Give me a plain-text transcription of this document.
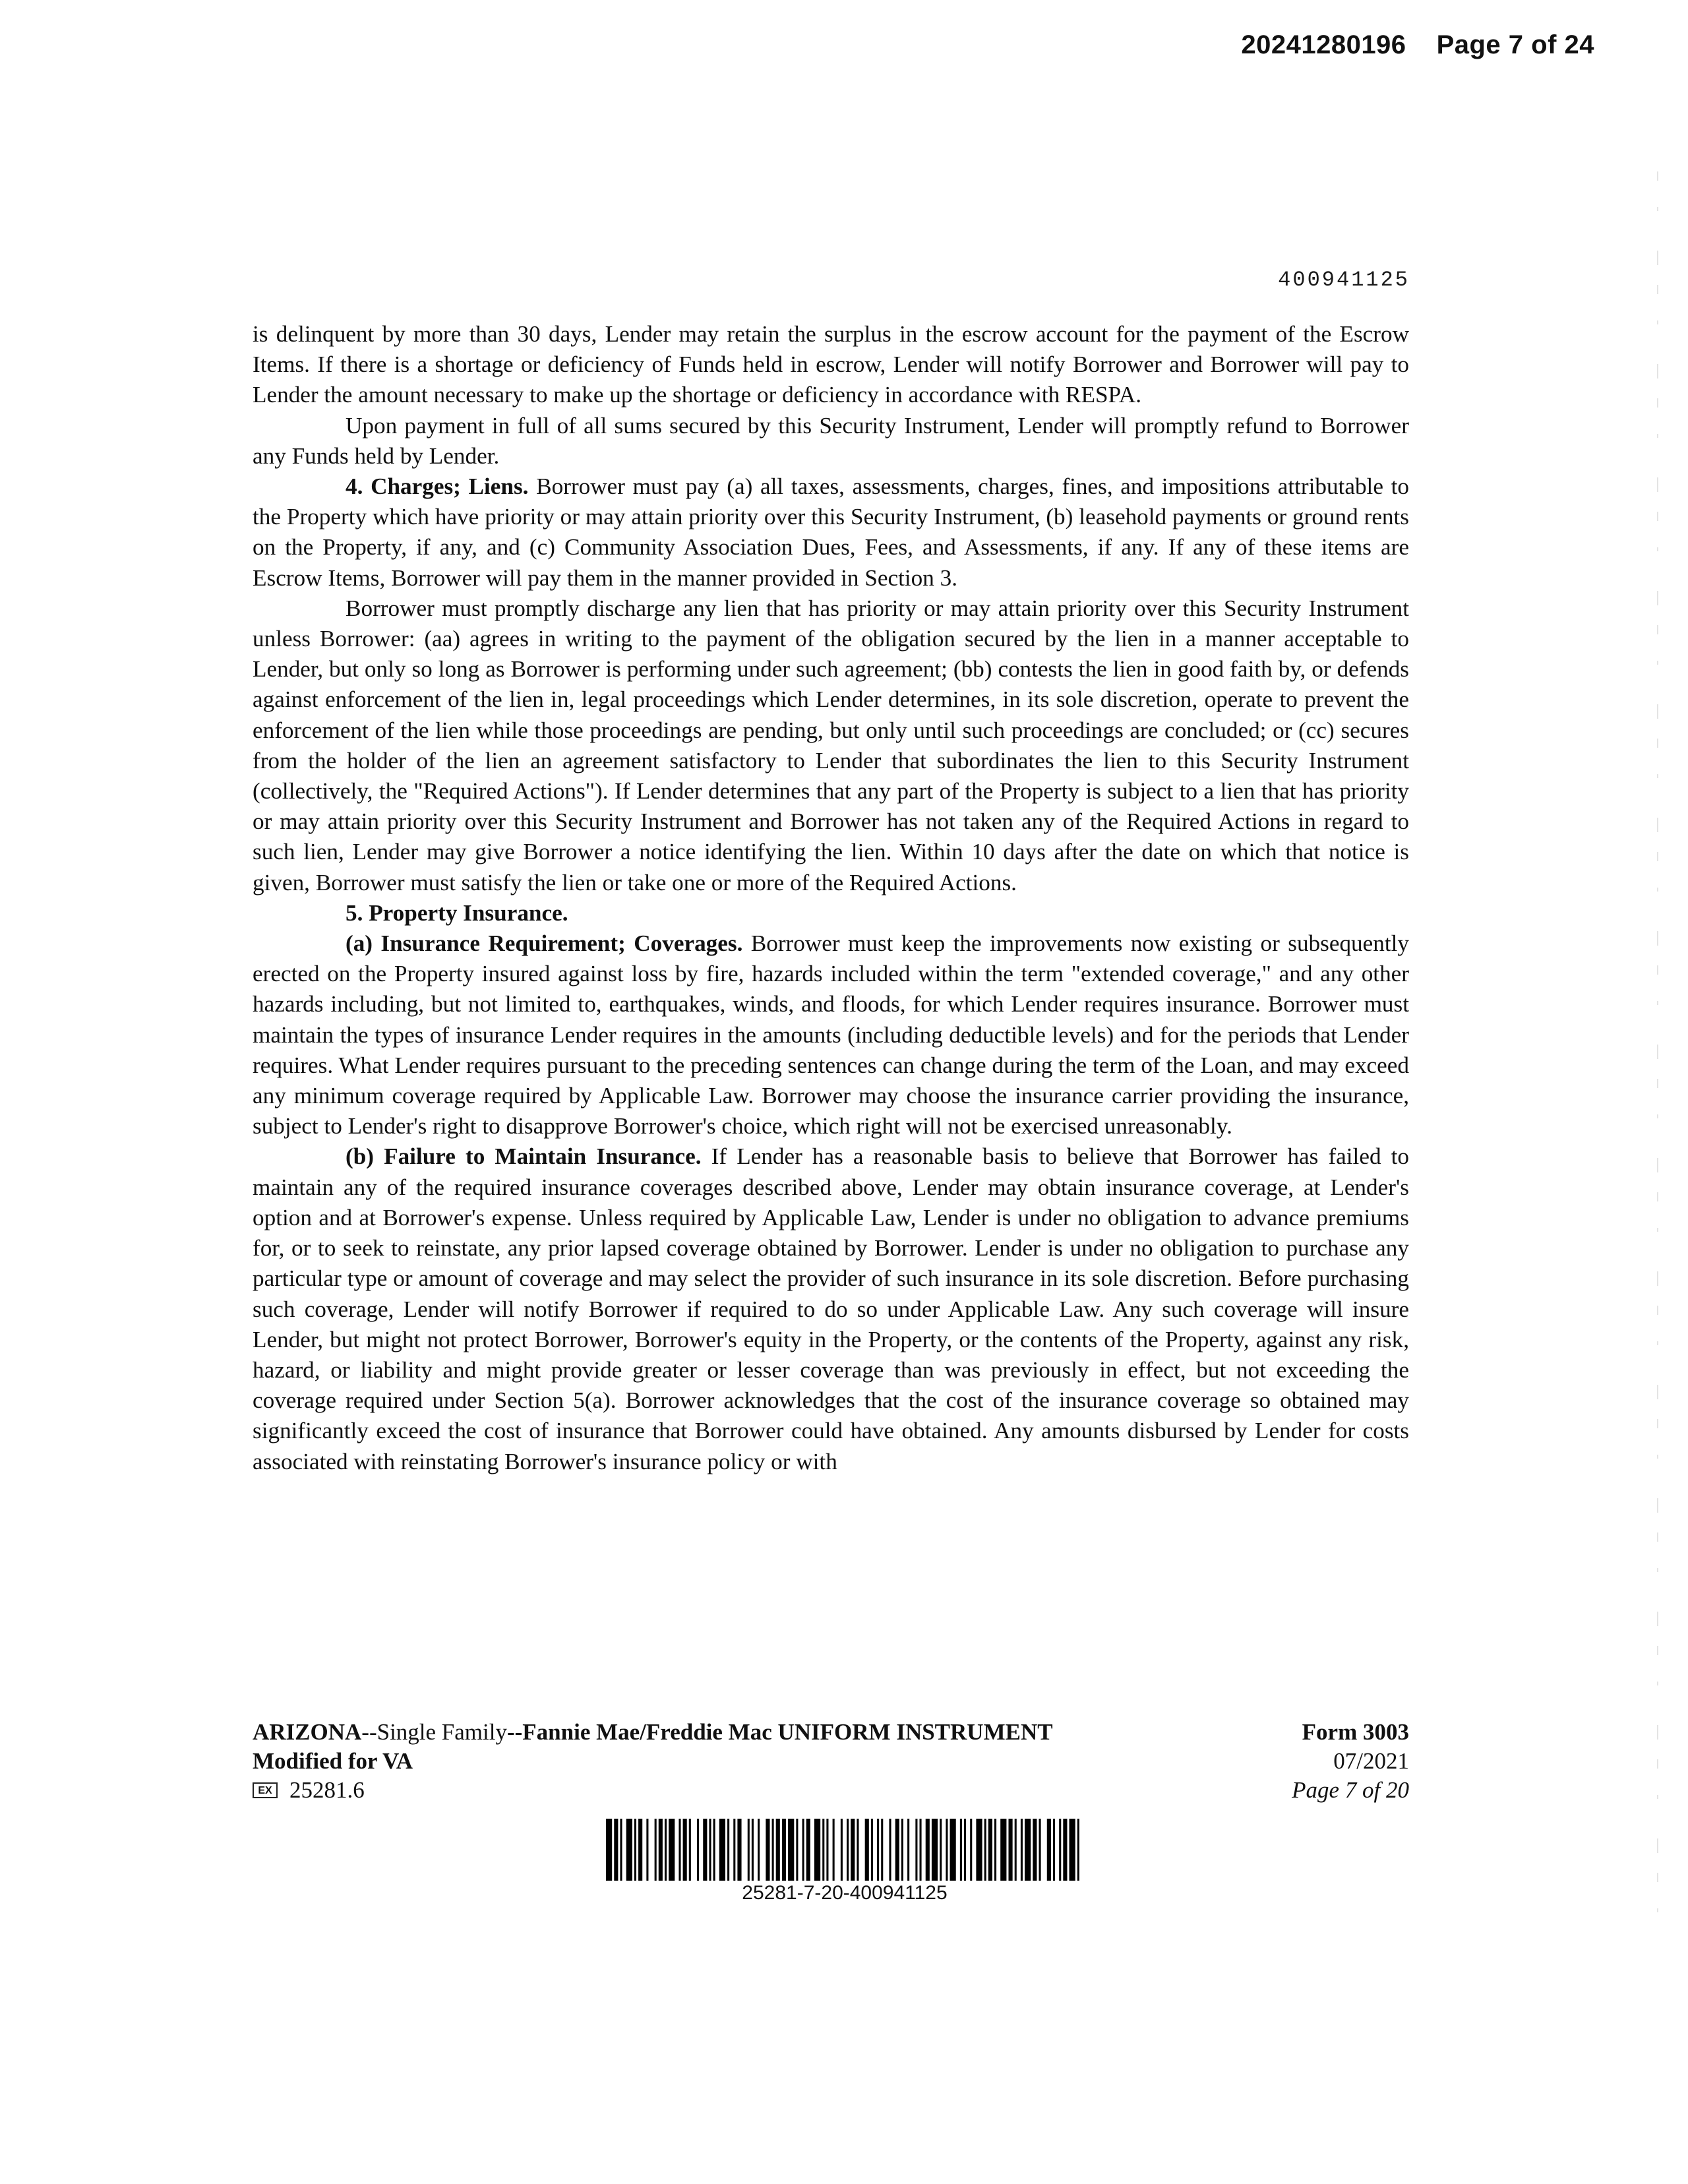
20241280196 Page 7 of 24
400941125

is delinquent by more than 30 days, Lender may retain the surplus in the escrow account for the payment of the Escrow Items. If there is a shortage or deficiency of Funds held in escrow, Lender will notify Borrower and Borrower will pay to Lender the amount necessary to make up the shortage or deficiency in accordance with RESPA.

Upon payment in full of all sums secured by this Security Instrument, Lender will promptly refund to Borrower any Funds held by Lender.

4. Charges; Liens. Borrower must pay (a) all taxes, assessments, charges, fines, and impositions attributable to the Property which have priority or may attain priority over this Security Instrument, (b) leasehold payments or ground rents on the Property, if any, and (c) Community Association Dues, Fees, and Assessments, if any. If any of these items are Escrow Items, Borrower will pay them in the manner provided in Section 3.

Borrower must promptly discharge any lien that has priority or may attain priority over this Security Instrument unless Borrower: (aa) agrees in writing to the payment of the obligation secured by the lien in a manner acceptable to Lender, but only so long as Borrower is performing under such agreement; (bb) contests the lien in good faith by, or defends against enforcement of the lien in, legal proceedings which Lender determines, in its sole discretion, operate to prevent the enforcement of the lien while those proceedings are pending, but only until such proceedings are concluded; or (cc) secures from the holder of the lien an agreement satisfactory to Lender that subordinates the lien to this Security Instrument (collectively, the "Required Actions"). If Lender determines that any part of the Property is subject to a lien that has priority or may attain priority over this Security Instrument and Borrower has not taken any of the Required Actions in regard to such lien, Lender may give Borrower a notice identifying the lien. Within 10 days after the date on which that notice is given, Borrower must satisfy the lien or take one or more of the Required Actions.

5. Property Insurance.

(a) Insurance Requirement; Coverages. Borrower must keep the improvements now existing or subsequently erected on the Property insured against loss by fire, hazards included within the term "extended coverage," and any other hazards including, but not limited to, earthquakes, winds, and floods, for which Lender requires insurance. Borrower must maintain the types of insurance Lender requires in the amounts (including deductible levels) and for the periods that Lender requires. What Lender requires pursuant to the preceding sentences can change during the term of the Loan, and may exceed any minimum coverage required by Applicable Law. Borrower may choose the insurance carrier providing the insurance, subject to Lender's right to disapprove Borrower's choice, which right will not be exercised unreasonably.

(b) Failure to Maintain Insurance. If Lender has a reasonable basis to believe that Borrower has failed to maintain any of the required insurance coverages described above, Lender may obtain insurance coverage, at Lender's option and at Borrower's expense. Unless required by Applicable Law, Lender is under no obligation to advance premiums for, or to seek to reinstate, any prior lapsed coverage obtained by Borrower. Lender is under no obligation to purchase any particular type or amount of coverage and may select the provider of such insurance in its sole discretion. Before purchasing such coverage, Lender will notify Borrower if required to do so under Applicable Law. Any such coverage will insure Lender, but might not protect Borrower, Borrower's equity in the Property, or the contents of the Property, against any risk, hazard, or liability and might provide greater or lesser coverage than was previously in effect, but not exceeding the coverage required under Section 5(a). Borrower acknowledges that the cost of the insurance coverage so obtained may significantly exceed the cost of insurance that Borrower could have obtained. Any amounts disbursed by Lender for costs associated with reinstating Borrower's insurance policy or with

ARIZONA--Single Family--Fannie Mae/Freddie Mac UNIFORM INSTRUMENT
Modified for VA
EX 25281.6
Form 3003
07/2021
Page 7 of 20
25281-7-20-400941125
